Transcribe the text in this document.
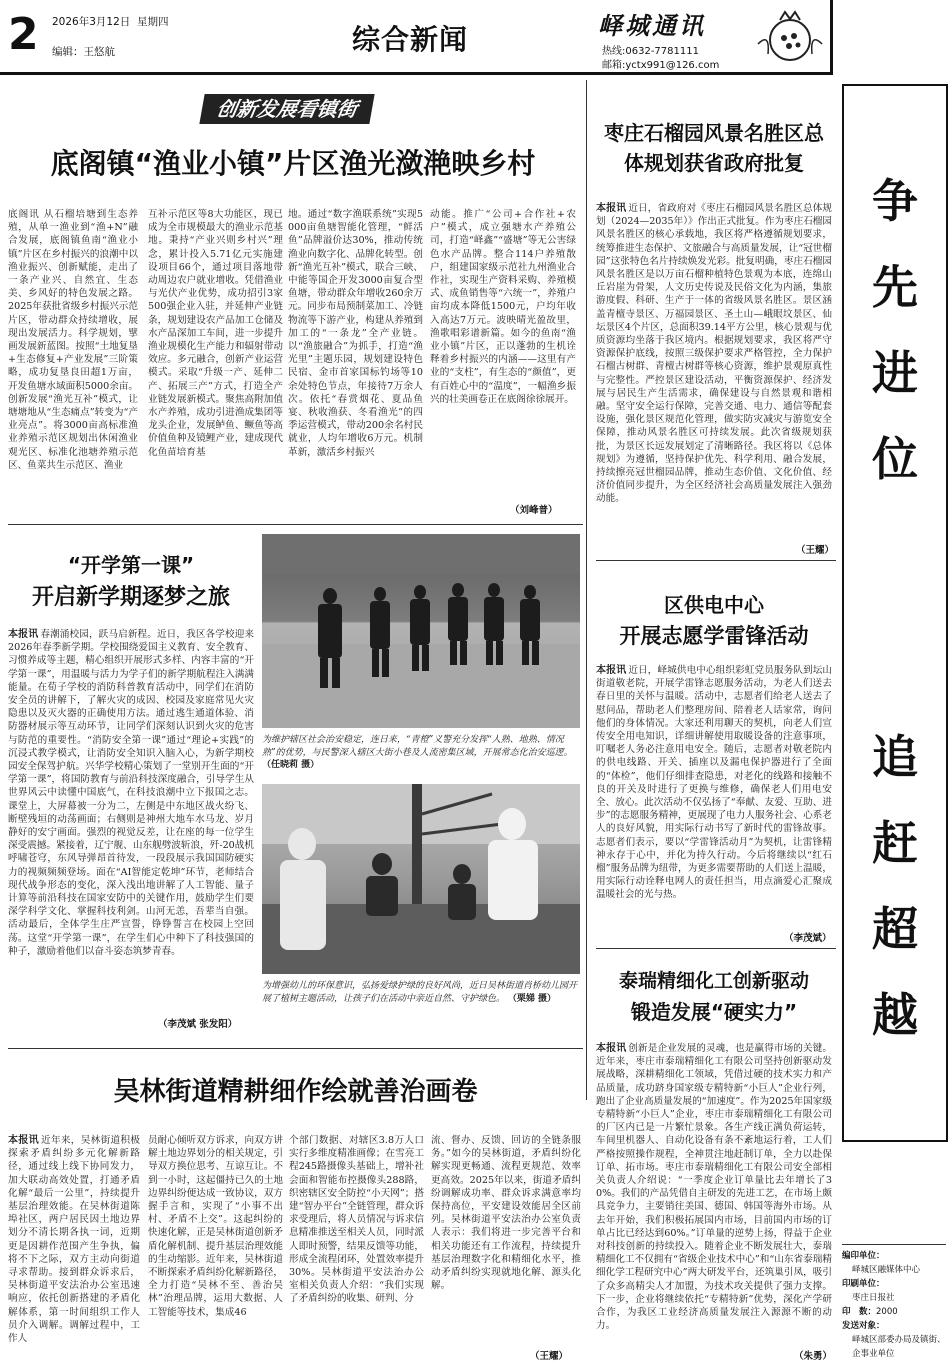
2 2026年3月12日 星期四
编辑：王悠航	综合新闻	峄城通讯
热线:0632-7781111
邮箱:yctx991@126.com
争
先
进
位
追
赶
超
越
编印单位：
峄城区融媒体中心
印刷单位：
枣庄日报社
印　数：2000
发送对象：
峄城区部委办局及镇街、企事业单位
创新发展看镇街
底阁镇“渔业小镇”片区渔光潋滟映乡村
底阁讯 从石榴培塘到生态养殖，从单一渔业到“渔+N”融合发展，底阁镇鱼南“渔业小镇”片区在乡村振兴的浪潮中以渔业振兴、创新赋能，走出了一条产业兴、自然宜、生态美、乡风好的特色发展之路。2025年获批省级乡村振兴示范片区，带动群众持续增收，展现出发展活力。科学规划，擘画发展新蓝图。按照“土地复垦+生态修复+产业发展”三阶策略，成功复垦良田超1万亩，开发鱼塘水域面积5000余亩。创新发展“渔光互补”模式，让塘塘地从“生态痛点”转变为“产业亮点”。将3000亩高标准渔业养殖示范区规划出休闲渔业观光区、标准化池塘养殖示范区、鱼菜共生示范区、渔业
互补示范区等8大功能区，现已成为全市规模最大的渔业示范基地。秉持“产业兴则乡村兴”理念，累计投入5.71亿元实施建设项目66个，通过项目落地带动周边农户就业增收。凭借渔业与光伏产业优势，成功招引3家500强企业入驻，并延伸产业链条，规划建设农产品加工仓储及水产品深加工车间，进一步提升渔业规模化生产能力和辐射带动效应。多元融合，创新产业运营模式。采取“升级一产、延伸二产、拓展三产”方式，打造全产业链发展新模式。聚焦高附加值水产养殖，成功引进渔成集团等龙头企业，发展鲈鱼、鳜鱼等高价值鱼种及镜鲤产业，建成现代化鱼苗培育基
地。通过“数字渔联系统”实现5000亩鱼塘智能化管理，“鲜活鱼”品牌溢价达30%，推动传统渔业向数字化、品牌化转型。创新“渔光互补”模式，联合三峡、中能等国企开发3000亩复合型鱼塘，带动群众年增收260余万元。同步布局预制菜加工、冷链物流等下游产业，构建从养殖到加工的“一条龙”全产业链。以“渔旅融合”为抓手，打造“渔光里”主题乐园，规划建设特色民宿、金市首家国标钓场等10余处特色节点，年接待7万余人次。依托“春赏烟花、夏品鱼宴、秋收渔获、冬看渔光”的四季运营模式，带动200余名村民就业，人均年增收6万元。机制革新，激活乡村振兴
动能。推广“公司+合作社+农户”模式，成立强塘水产养殖公司，打造“峄鑫”“盛塘”等无公害绿色水产品牌。整合114户养殖散户，组建国家级示范社九州渔业合作社，实现生产资料采购、养殖模式、成鱼销售等“六统一”，养殖户亩均成本降低1500元，户均年收入高达7万元。波映晴光盈故里，渔歌唱彩谱新篇。如今的鱼南“渔业小镇”片区，正以蓬勃的生机诠释着乡村振兴的内涵——这里有产业的“支柱”，有生态的“颜值”，更有百姓心中的“温度”，一幅渔乡振兴的壮美画卷正在底阁徐徐展开。
（刘峰普）
枣庄石榴园风景名胜区总体规划获省政府批复
本报讯 近日，省政府对《枣庄石榴园风景名胜区总体规划（2024—2035年）》作出正式批复。作为枣庄石榴园风景名胜区的核心承载地，我区将严格遵循规划要求，统筹推进生态保护、文旅融合与高质量发展，让“冠世榴园”这张特色名片持续焕发光彩。批复明确，枣庄石榴园风景名胜区是以万亩石榴种植特色景观为本底，连绵山丘岩崖为骨架，人文历史传说及民俗文化为内涵，集旅游度假、科研、生产于一体的省级风景名胜区。景区涵盖青檀寺景区、万福园景区、圣土山—峨眼坟景区、仙坛景区4个片区，总面积39.14平方公里，核心景观与优质资源均坐落于我区境内。根据规划要求，我区将严守资源保护底线，按照三级保护要求严格管控，全力保护石榴古树群、青檀古树群等核心资源，维护景观原真性与完整性。严控景区建设活动，平衡资源保护、经济发展与居民生产生活需求，确保建设与自然景观和谐相融。坚守安全运行保障，完善交通、电力、通信等配套设施，强化景区规范化管理，做实防灾减灾与游览安全保障，推动风景名胜区可持续发展。此次省级规划获批，为景区长远发展划定了清晰路径。我区将以《总体规划》为遵循，坚持保护优先、科学利用、融合发展，持续擦亮冠世榴园品牌，推动生态价值、文化价值、经济价值同步提升，为全区经济社会高质量发展注入强劲动能。
（王耀）
“开学第一课”
开启新学期逐梦之旅
本报讯 春潮涌校园，跃马启新程。近日，我区各学校迎来2026年春季新学期。学校围绕爱国主义教育、安全教育、习惯养成等主题，精心组织开展形式多样、内容丰富的“开学第一课”，用温暖与活力为学子们的新学期航程注入满满能量。在荀子学校的消防科普教育活动中，同学们在消防安全员的讲解下，了解火灾的成因、校园及家庭常见火灾隐患以及灭火器的正确使用方法。通过逃生通道体验、消防器材展示等互动环节，让同学们深刻认识到火灾的危害与防范的重要性。“消防安全第一课”通过“理论+实践”的沉浸式教学模式，让消防安全知识入脑入心，为新学期校园安全保驾护航。兴华学校精心策划了一堂别开生面的“开学第一课”，将国防教育与前沿科技深度融合，引导学生从世界风云中读懂中国底气，在科技浪潮中立下报国之志。课堂上，大屏幕被一分为二，左侧是中东地区战火纷飞、断壁残垣的动荡画面；右侧则是神州大地车水马龙、岁月静好的安宁画面。强烈的视觉反差，让在座的每一位学生深受震撼。紧接着，辽宁舰、山东舰劈波斩浪，歼-20战机呼啸苍穹，东风导弹昂首待发，一段段展示我国国防硬实力的视频频频登场。面在“AI智能定乾坤”环节，老师结合现代战争形态的变化，深入浅出地讲解了人工智能、量子计算等前沿科技在国家安防中的关键作用，鼓励学生们要深学科学文化、掌握科技利剑。山河无恙，吾辈当自强。活动最后，全体学生庄严宣誓，铮铮誓言在校园上空回荡。这堂“开学第一课”，在学生们心中种下了科技强国的种子，激励着他们以奋斗姿态筑梦青春。
（李茂斌 张发阳）
为维护辖区社会治安稳定，连日来，“青橙”义警充分发挥“人熟、地熟、情况熟”的优势，与民警深入辖区大街小巷及人流密集区域，开展常态化治安巡逻。 （任晓莉 摄）
为增强幼儿的环保意识，弘扬爱绿护绿的良好风尚，近日吴林街道肖桥幼儿园开展了植树主题活动，让孩子们在活动中亲近自然、守护绿色。 （栗娣 摄）
区供电中心
开展志愿学雷锋活动
本报讯 近日，峄城供电中心组织彩虹党员服务队到坛山街道敬老院，开展学雷锋志愿服务活动，为老人们送去春日里的关怀与温暖。活动中，志愿者们给老人送去了慰问品，帮助老人们整理房间、陪着老人话家常，询问他们的身体情况。大家还利用聊天的契机，向老人们宣传安全用电知识，详细讲解使用取暖设备的注意事项，叮嘱老人务必注意用电安全。随后，志愿者对敬老院内的供电线路、开关、插座以及漏电保护器进行了全面的“体检”，他们仔细排查隐患，对老化的线路和接触不良的开关及时进行了更换与维修，确保老人们用电安全、放心。此次活动不仅弘扬了“奉献、友爱、互助、进步”的志愿服务精神，更展现了电力人服务社会、心系老人的良好风貌，用实际行动书写了新时代的雷锋故事。志愿者们表示，要以“学雷锋活动月”为契机，让雷锋精神永存于心中，并化为持久行动。今后将继续以“红石榴”服务品牌为纽带，为更多需要帮助的人们送上温暖，用实际行动诠释电网人的责任担当，用点滴爱心汇聚成温暖社会的光与热。
（李茂斌）
泰瑞精细化工创新驱动
锻造发展“硬实力”
本报讯 创新是企业发展的灵魂，也是赢得市场的关键。近年来，枣庄市泰瑞精细化工有限公司坚持创新驱动发展战略，深耕精细化工领域，凭借过硬的技术实力和产品质量，成功跻身国家级专精特新“小巨人”企业行列，跑出了企业高质量发展的“加速度”。作为2025年国家级专精特新“小巨人”企业，枣庄市泰瑞精细化工有限公司的厂区内已是一片繁忙景象。各生产线正满负荷运转，车间里机器人、自动化设备有条不紊地运行着，工人们严格按照操作规程，全神贯注地赶制订单，全力以赴保订单、拓市场。枣庄市泰瑞精细化工有限公司安全部相关负责人介绍说：“一季度企业订单量比去年增长了30%。我们的产品凭借自主研发的先进工艺，在市场上颇具竞争力，主要销往美国、德国、韩国等海外市场。从去年开始，我们积极拓展国内市场，目前国内市场的订单占比已经达到60%。”订单量的逆势上扬，得益于企业对科技创新的持续投入。随着企业不断发展壮大，泰瑞精细化工不仅拥有“省级企业技术中心”和“山东省泰瑞精细化学工程研究中心”两大研发平台，还筑巢引凤，吸引了众多高精尖人才加盟，为技术攻关提供了强力支撑。下一步，企业将继续依托“专精特新”优势，深化产学研合作，为我区工业经济高质量发展注入源源不断的动力。
（朱勇）
吴林街道精耕细作绘就善治画卷
本报讯 近年来，吴林街道积极探索矛盾纠纷多元化解新路径，通过线上线下协同发力，加大联动高效处置，打通矛盾化解“最后一公里”，持续提升基层治理效能。在吴林街道陈埠社区，两户居民因土地边界划分不清长期各执一词，近期更是因耕作范围产生争执，偏将不下之际，双方主动向街道寻求帮助。接到群众诉求后，吴林街道平安法治办公室迅速响应，依托创新搭建的矛盾化解体系，第一时间组织工作人员介入调解。调解过程中，工作人
员耐心倾听双方诉求，向双方讲解土地边界划分的相关规定，引导双方换位思考、互谅互让。不到一小时，这起僵持已久的土地边界纠纷便达成一致协议，双方握手言和，实现了“小事不出村、矛盾不上交”。这起纠纷的快速化解，正是吴林街道创新矛盾化解机制、提升基层治理效能的生动缩影。近年来，吴林街道不断探索矛盾纠纷化解新路径，全力打造“吴林不至、善治吴林”治理品牌，运用大数据、人工智能等技术，集成46
个部门数据、对辖区3.8万人口实行多维度精准画像；在雪亮工程245路摄像头基础上，增补社会面和智能布控摄像头288路，织密辖区安全防控“小天网”；搭建“智办平台”全链管理，群众诉求受理后，将人员情况与诉求信息精准推送至相关人员，同时派人即时预警，结果反馈等功能，形成全流程闭环，处置效率提升30%。吴林街道平安法治办公室相关负责人介绍：“我们实现了矛盾纠纷的收集、研判、分
流、督办、反馈、回访的全链条服务。”如今的吴林街道，矛盾纠纷化解实现更畅通、流程更规范、效率更高效。2025年以来，街道矛盾纠纷调解成功率、群众诉求满意率均保持高位，平安建设效能居全区前列。吴林街道平安法治办公室负责人表示：我们将进一步完善平台和相关功能还有工作流程，持续提升基层治理数字化和精细化水平，推动矛盾纠纷实现就地化解、源头化解。
（王耀）
